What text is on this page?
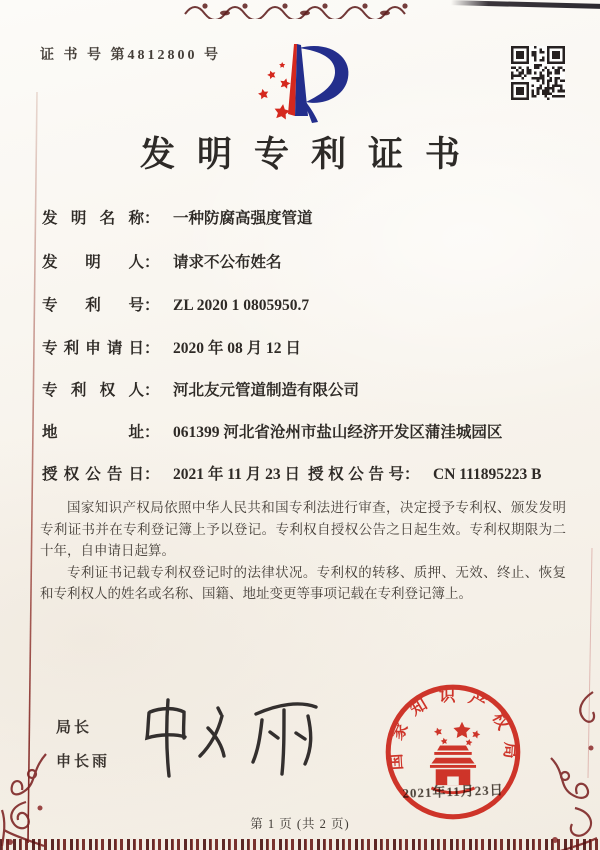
证 书 号 第4812800 号
发明专利证书
发明名称： 一种防腐高强度管道
发明人： 请求不公布姓名
专利号： ZL 2020 1 0805950.7
专利申请日： 2020 年 08 月 12 日
专利权人： 河北友元管道制造有限公司
地址： 061399 河北省沧州市盐山经济开发区蒲洼城园区
授权公告日： 2021 年 11 月 23 日 授权公告号： CN 111895223 B

国家知识产权局依照中华人民共和国专利法进行审查，决定授予专利权、颁发发明专利证书并在专利登记簿上予以登记。专利权自授权公告之日起生效。专利权期限为二十年，自申请日起算。

专利证书记载专利权登记时的法律状况。专利权的转移、质押、无效、终止、恢复和专利权人的姓名或名称、国籍、地址变更等事项记载在专利登记簿上。

局长
申长雨	国家知识产权局
2021年11月23日
第 1 页 (共 2 页)
